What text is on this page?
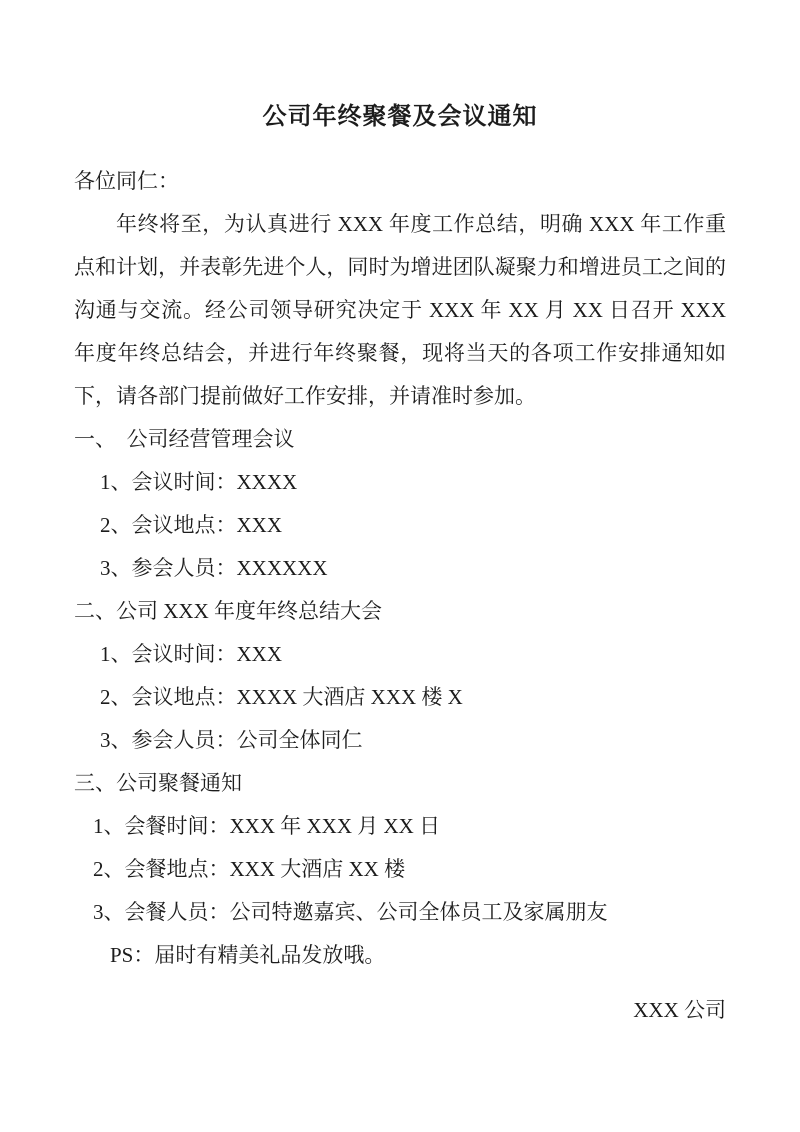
公司年终聚餐及会议通知
各位同仁：
年终将至，为认真进行 XXX 年度工作总结，明确 XXX 年工作重点和计划，并表彰先进个人，同时为增进团队凝聚力和增进员工之间的沟通与交流。经公司领导研究决定于 XXX 年 XX 月 XX 日召开 XXX 年度年终总结会，并进行年终聚餐，现将当天的各项工作安排通知如下，请各部门提前做好工作安排，并请准时参加。
一、　公司经营管理会议
1、会议时间：XXXX
2、会议地点：XXX
3、参会人员：XXXXXX
二、公司 XXX 年度年终总结大会
1、会议时间：XXX
2、会议地点：XXXX 大酒店 XXX 楼 X
3、参会人员：公司全体同仁
三、公司聚餐通知
1、会餐时间：XXX 年 XXX 月 XX 日
2、会餐地点：XXX 大酒店 XX 楼
3、会餐人员：公司特邀嘉宾、公司全体员工及家属朋友
PS：届时有精美礼品发放哦。
XXX 公司
